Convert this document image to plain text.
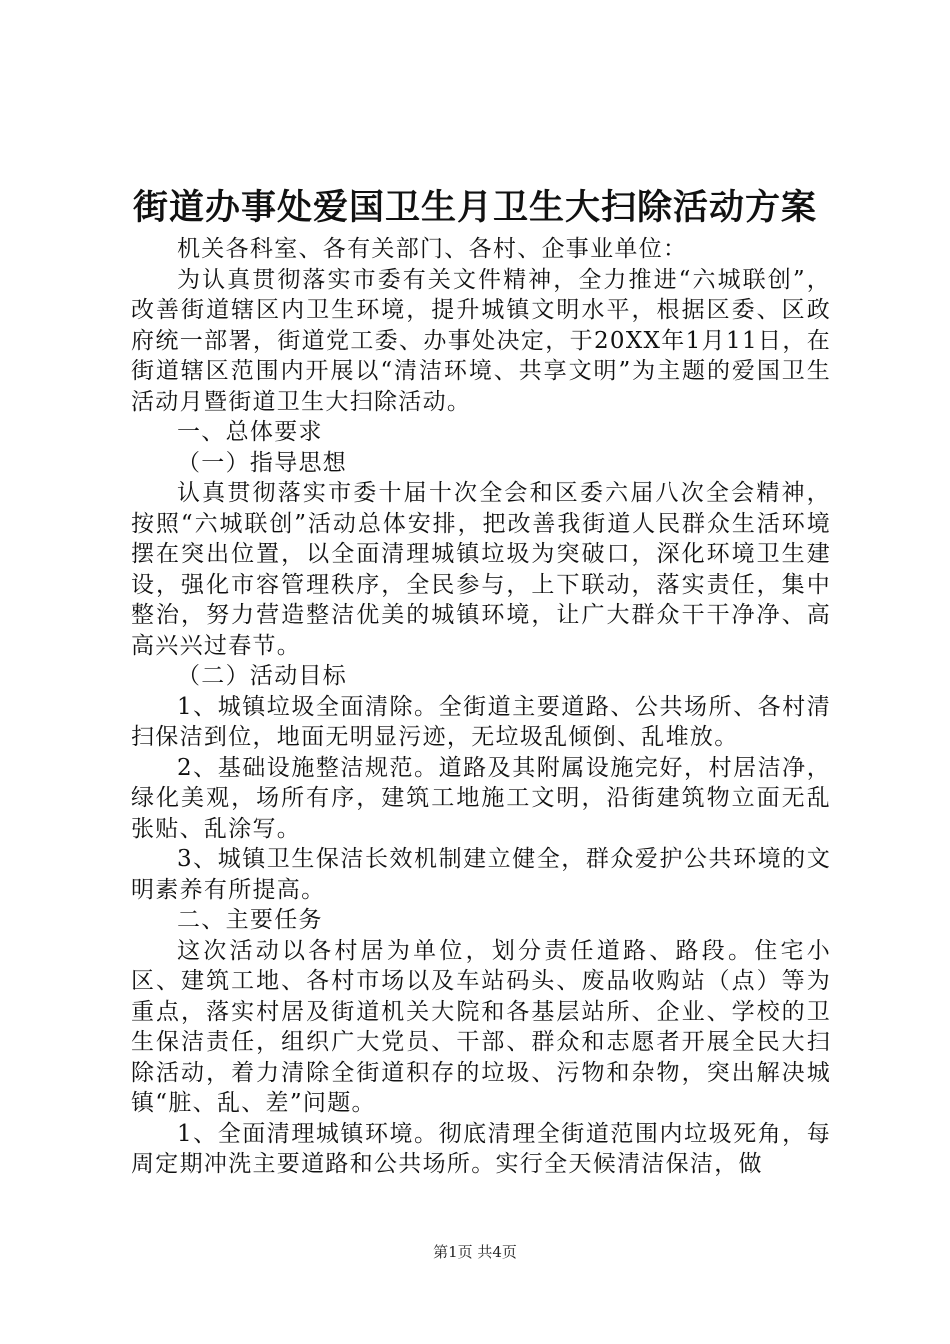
街道办事处爱国卫生月卫生大扫除活动方案

机关各科室、各有关部门、各村、企事业单位：

为认真贯彻落实市委有关文件精神，全力推进“六城联创”，改善街道辖区内卫生环境，提升城镇文明水平，根据区委、区政府统一部署，街道党工委、办事处决定，于20XX年1月11日，在街道辖区范围内开展以“清洁环境、共享文明”为主题的爱国卫生活动月暨街道卫生大扫除活动。

一、总体要求

（一）指导思想

认真贯彻落实市委十届十次全会和区委六届八次全会精神，按照“六城联创”活动总体安排，把改善我街道人民群众生活环境摆在突出位置，以全面清理城镇垃圾为突破口，深化环境卫生建设，强化市容管理秩序，全民参与，上下联动，落实责任，集中整治，努力营造整洁优美的城镇环境，让广大群众干干净净、高高兴兴过春节。

（二）活动目标

1、城镇垃圾全面清除。全街道主要道路、公共场所、各村清扫保洁到位，地面无明显污迹，无垃圾乱倾倒、乱堆放。

2、基础设施整洁规范。道路及其附属设施完好，村居洁净，绿化美观，场所有序，建筑工地施工文明，沿街建筑物立面无乱张贴、乱涂写。

3、城镇卫生保洁长效机制建立健全，群众爱护公共环境的文明素养有所提高。

二、主要任务

这次活动以各村居为单位，划分责任道路、路段。住宅小区、建筑工地、各村市场以及车站码头、废品收购站（点）等为重点，落实村居及街道机关大院和各基层站所、企业、学校的卫生保洁责任，组织广大党员、干部、群众和志愿者开展全民大扫除活动，着力清除全街道积存的垃圾、污物和杂物，突出解决城镇“脏、乱、差”问题。

1、全面清理城镇环境。彻底清理全街道范围内垃圾死角，每周定期冲洗主要道路和公共场所。实行全天候清洁保洁，做

第1页 共4页
